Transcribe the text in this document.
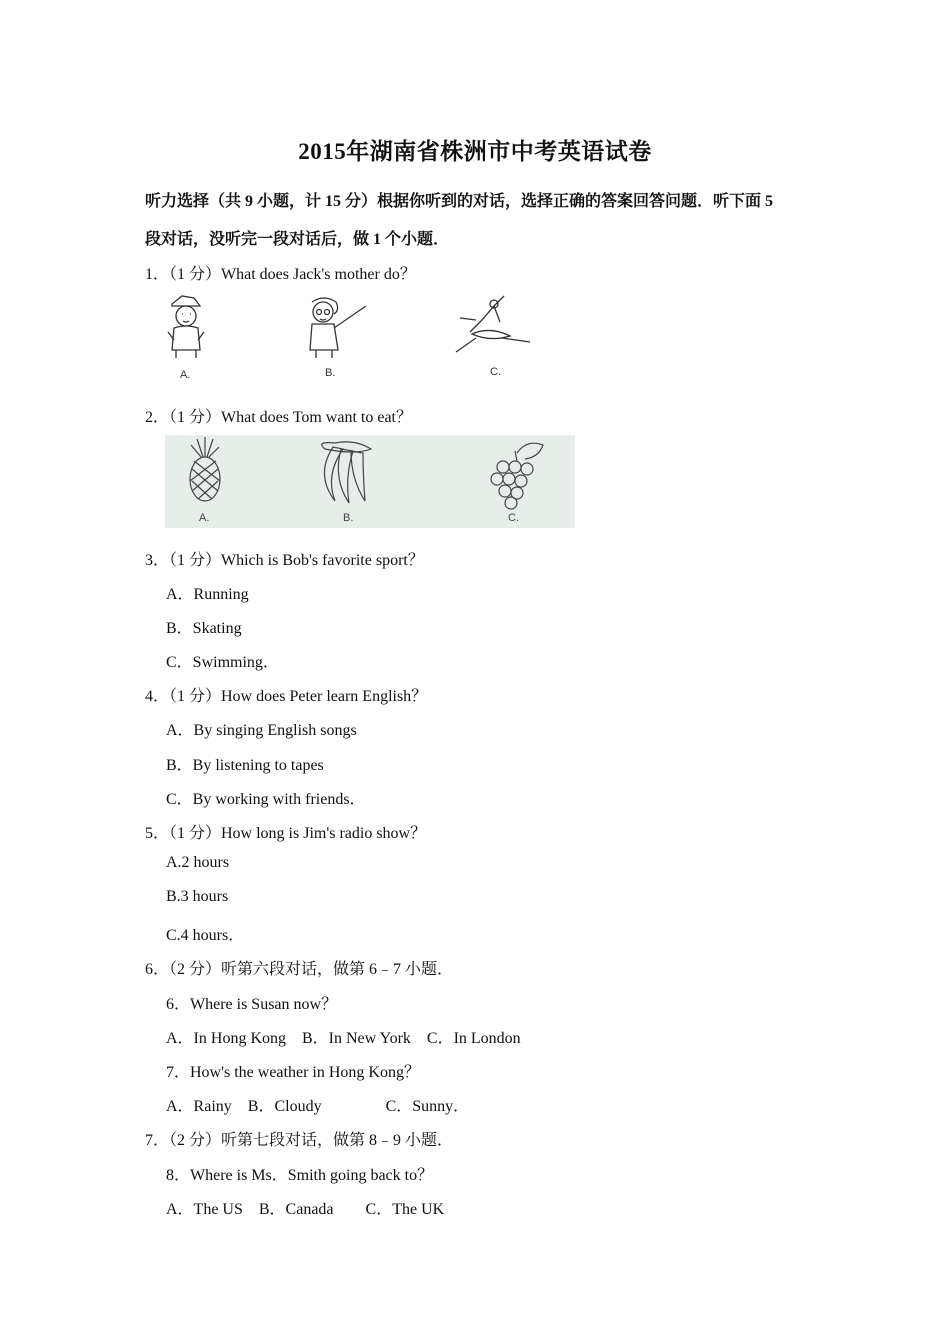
2015年湖南省株洲市中考英语试卷
听力选择（共 9 小题，计 15 分）根据你听到的对话，选择正确的答案回答问题．听下面 5
段对话，没听完一段对话后，做 1 个小题．
1．（1 分）What does Jack's mother do？
A.	B.	C.
2．（1 分）What does Tom want to eat？
A.	B.	C.
3．（1 分）Which is Bob's favorite sport？
A．Running
B．Skating
C．Swimming．
4．（1 分）How does Peter learn English？
A．By singing English songs
B．By listening to tapes
C．By working with friends．
5．（1 分）How long is Jim's radio show？
A.2 hours
B.3 hours
C.4 hours．
6．（2 分）听第六段对话，做第 6﹣7 小题．
6．Where is Susan now？
A．In Hong Kong　B．In New York　C．In London
7．How's the weather in Hong Kong？
A．Rainy　B．Cloudy　　　　C．Sunny．
7．（2 分）听第七段对话，做第 8﹣9 小题．
8．Where is Ms．Smith going back to？
A．The US　B．Canada　　C．The UK
